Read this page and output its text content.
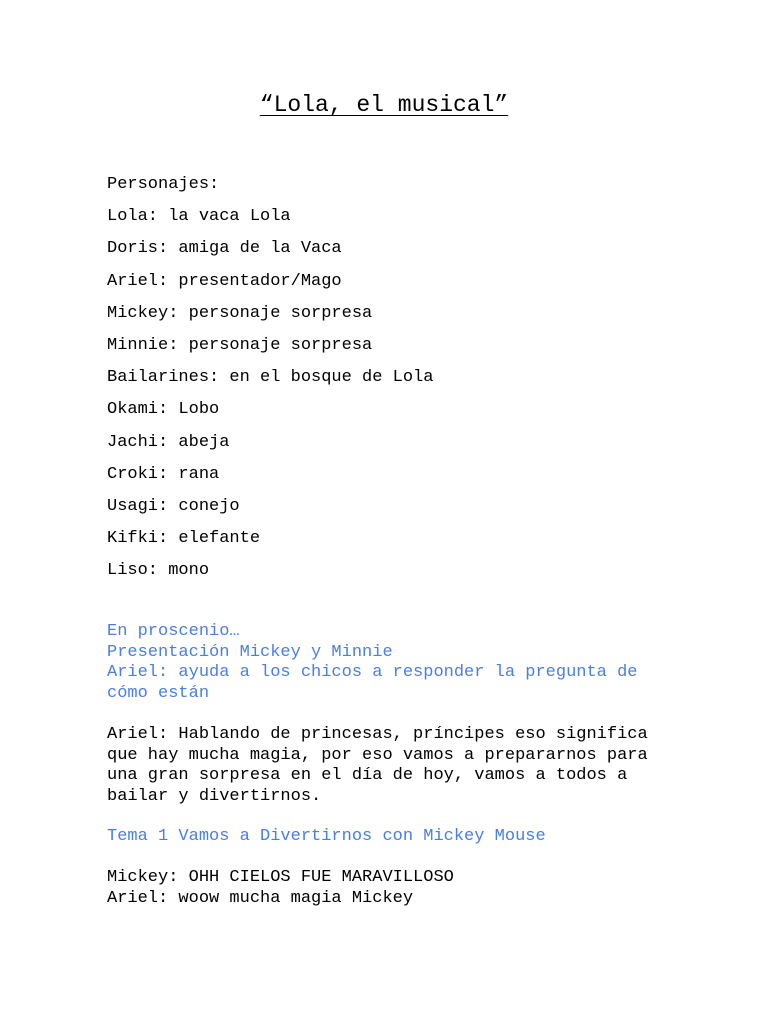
“Lola, el musical”
Personajes:
Lola: la vaca Lola
Doris: amiga de la Vaca
Ariel: presentador/Mago
Mickey: personaje sorpresa
Minnie: personaje sorpresa
Bailarines: en el bosque de Lola
Okami: Lobo
Jachi: abeja
Croki: rana
Usagi: conejo
Kifki: elefante
Liso: mono

En proscenio…

Presentación Mickey y Minnie

Ariel: ayuda a los chicos a responder la pregunta de cómo están

Ariel: Hablando de princesas, príncipes eso significa que hay mucha magia, por eso vamos a prepararnos para una gran sorpresa en el día de hoy, vamos a todos a bailar y divertirnos.

Tema 1 Vamos a Divertirnos con Mickey Mouse

Mickey: OHH CIELOS FUE MARAVILLOSO

Ariel: woow mucha magia Mickey
